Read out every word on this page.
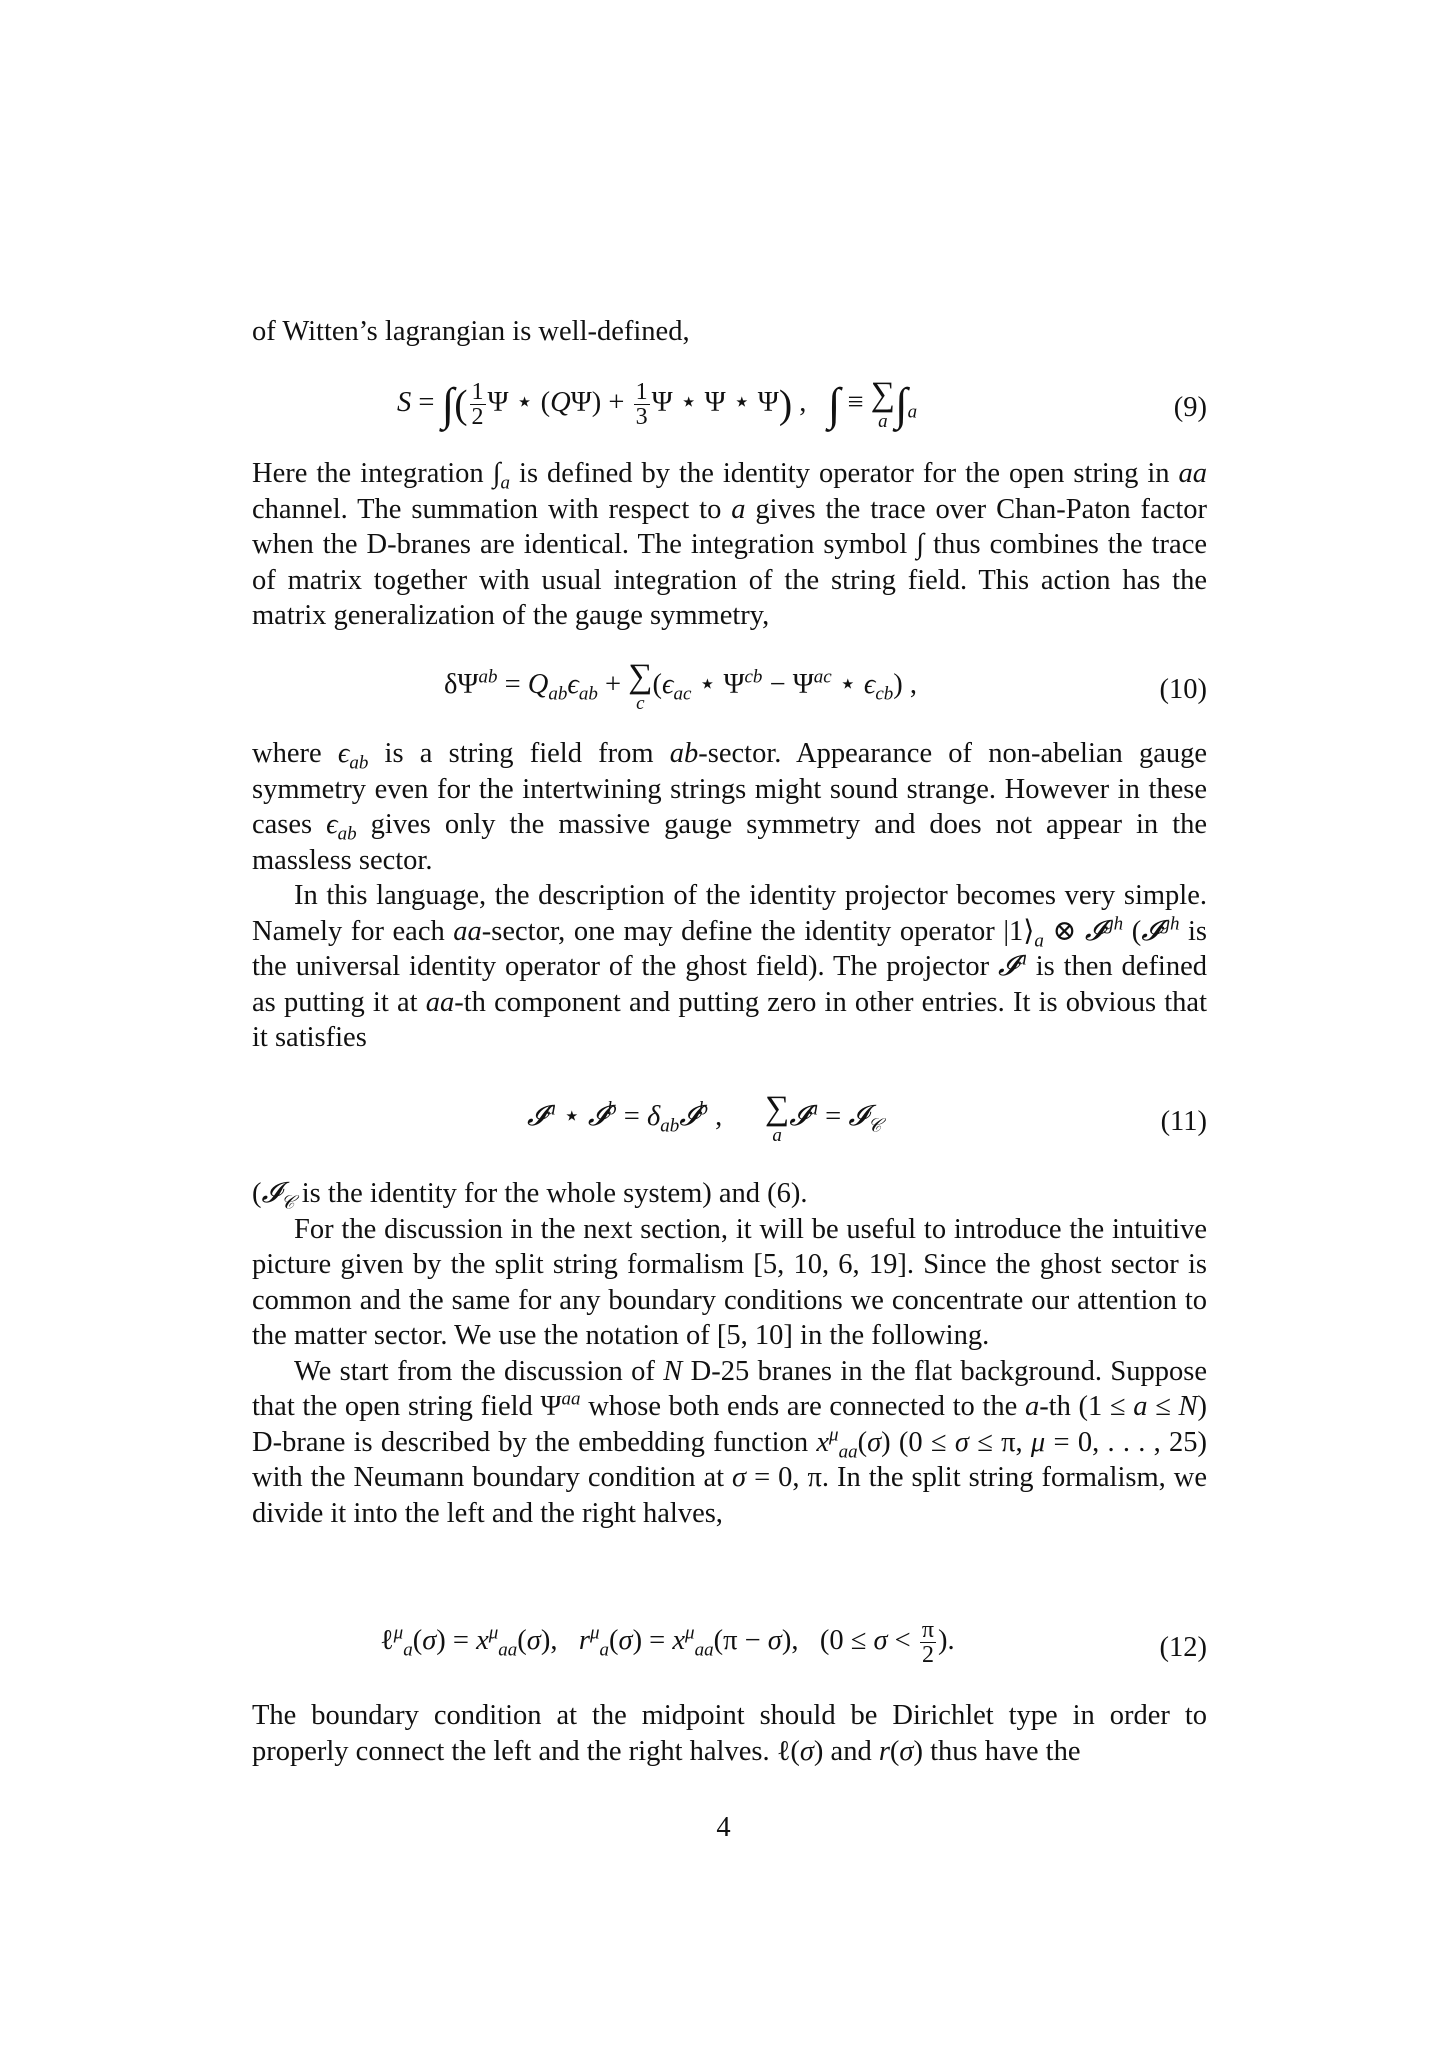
of Witten’s lagrangian is well-defined,

S = ∫( $\frac{1}{2}$ Ψ ⋆ $(Q\Psi) + \frac{1}{3}$ Ψ ⋆ Ψ ⋆ Ψ) ,   ∫ ≡ ∑
a $\int_a$	(9)

Here the integration $\int_a$ is defined by the identity operator for the open string in aa channel. The summation with respect to a gives the trace over Chan-Paton factor when the D-branes are identical. The integration symbol ∫ thus combines the trace of matrix together with usual integration of the string field. This action has the matrix generalization of the gauge symmetry,

$\delta\Psi^{ab} = Q_{ab}\epsilon_{ab}$ + ∑
c
($\epsilon_{ac}$ ⋆ $\Psi^{cb} - \Psi^{ac}$ ⋆ $\epsilon_{cb}$) ,	(10)

where $\epsilon_{ab}$ is a string field from ab-sector. Appearance of non-abelian gauge symmetry even for the intertwining strings might sound strange. However in these cases $\epsilon_{ab}$ gives only the massive gauge symmetry and does not appear in the massless sector.

In this language, the description of the identity projector becomes very simple. Namely for each aa-sector, one may define the identity operator $|1⟩_a$ ⊗ 𝓘$^{gh}$ (𝓘$^{gh}$ is the universal identity operator of the ghost field). The projector 𝓘$^a$ is then defined as putting it at aa-th component and putting zero in other entries. It is obvious that it satisfies

𝓘$^a$ ⋆ 𝓘$^b$ = $\delta_{ab}𝓘^b$ , ∑
a
𝓘$^a$ = 𝓘$_𝒞$	(11)

(𝓘$_𝒞$ is the identity for the whole system) and (6).

For the discussion in the next section, it will be useful to introduce the intuitive picture given by the split string formalism [5, 10, 6, 19]. Since the ghost sector is common and the same for any boundary conditions we concentrate our attention to the matter sector. We use the notation of [5, 10] in the following.

We start from the discussion of N D-25 branes in the flat background. Suppose that the open string field $\Psi^{aa}$ whose both ends are connected to the a-th (1 ≤ a ≤ N) D-brane is described by the embedding function $x^\mu_{aa}(\sigma) (0 \le \sigma \le \pi$, μ = 0, . . . , 25) with the Neumann boundary condition at σ = 0, π. In the split string formalism, we divide it into the left and the right halves,

ℓ$^\mu_a$(σ) = $x^\mu_{aa}(\sigma)$,   $r^\mu_a(\sigma) = x^\mu_{aa}(\pi - \sigma)$,   ($0 \le \sigma < \frac{\pi}{2}$ ).	(12)

The boundary condition at the midpoint should be Dirichlet type in order to properly connect the left and the right halves. ℓ(σ) and r(σ) thus have the

4
